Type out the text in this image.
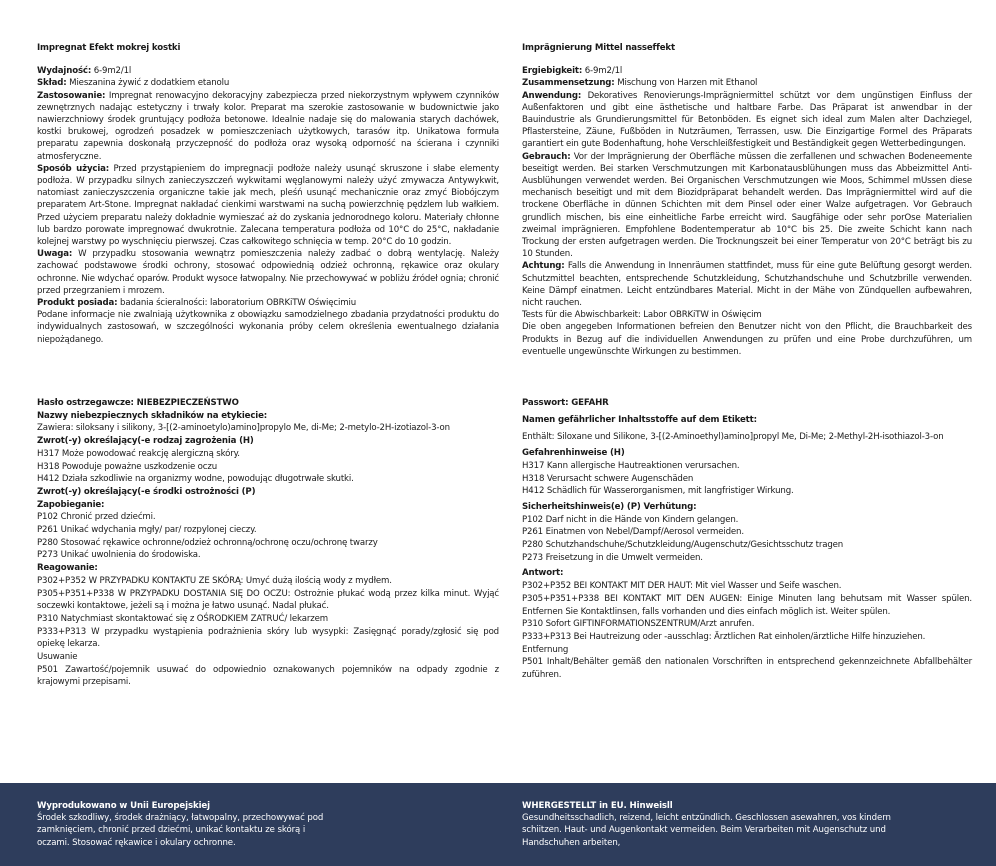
Impregnat Efekt mokrej kostki

Wydajność: 6-9m2/1l

Skład: Mieszanina żywić z dodatkiem etanolu

Zastosowanie: Impregnat renowacyjno dekoracyjny zabezpiecza przed niekorzystnym wpływem czynników zewnętrznych nadając estetyczny i trwały kolor. Preparat ma szerokie zastosowanie w budownictwie jako nawierzchniowy środek gruntujący podłoża betonowe. Idealnie nadaje się do malowania starych dachówek, kostki brukowej, ogrodzeń posadzek w pomieszczeniach użytkowych, tarasów itp. Unikatowa formuła preparatu zapewnia doskonałą przyczepność do podłoża oraz wysoką odporność na ścierana i czynniki atmosferyczne.

Sposób użycia: Przed przystąpieniem do impregnacji podłoże należy usunąć skruszone i słabe elementy podłoża. W przypadku silnych zanieczyszczeń wykwitami węglanowymi należy użyć zmywacza Antywykwit, natomiast zanieczyszczenia organiczne takie jak mech, pleśń usunąć mechanicznie oraz zmyć Biobójczym preparatem Art-Stone. Impregnat nakładać cienkimi warstwami na suchą powierzchnię pędzlem lub wałkiem. Przed użyciem preparatu należy dokładnie wymieszać aż do zyskania jednorodnego koloru. Materiały chłonne lub bardzo porowate impregnować dwukrotnie. Zalecana temperatura podłoża od 10°C do 25°C, nakładanie kolejnej warstwy po wyschnięciu pierwszej. Czas całkowitego schnięcia w temp. 20°C do 10 godzin.

Uwaga: W przypadku stosowania wewnątrz pomieszczenia należy zadbać o dobrą wentylację. Należy zachować podstawowe środki ochrony, stosować odpowiednią odzież ochronną, rękawice oraz okulary ochronne. Nie wdychać oparów. Produkt wysoce łatwopalny. Nie przechowywać w pobliżu źródeł ognia; chronić przed przegrzaniem i mrozem.

Produkt posiada: badania ścieralności: laboratorium OBRKiTW Oświęcimiu

Podane informacje nie zwalniają użytkownika z obowiązku samodzielnego zbadania przydatności produktu do indywidualnych zastosowań, w szczególności wykonania próby celem określenia ewentualnego działania niepożądanego.

Imprägnierung Mittel nasseffekt

Ergiebigkeit: 6-9m2/1l

Zusammensetzung: Mischung von Harzen mit Ethanol

Anwendung: Dekoratives Renovierungs-Imprägniermittel schützt vor dem ungünstigen Einfluss der Außenfaktoren und gibt eine ästhetische und haltbare Farbe. Das Präparat ist anwendbar in der Bauindustrie als Grundierungsmittel für Betonböden. Es eignet sich ideal zum Malen alter Dachziegel, Pflastersteine, Zäune, Fußböden in Nutzräumen, Terrassen, usw. Die Einzigartige Formel des Präparats garantiert ein gute Bodenhaftung, hohe Verschleißfestigkeit und Beständigkeit gegen Wetterbedingungen.

Gebrauch: Vor der Imprägnierung der Oberfläche müssen die zerfallenen und schwachen Bodeneemente beseitigt werden. Bei starken Verschmutzungen mit Karbonatausblühungen muss das Abbeizmittel Anti-Ausblühungen verwendet werden. Bei Organischen Verschmutzungen wie Moos, Schimmel mUssen diese mechanisch beseitigt und mit dem Biozidpräparat behandelt werden. Das Imprägniermittel wird auf die trockene Oberfläche in dünnen Schichten mit dem Pinsel oder einer Walze aufgetragen. Vor Gebrauch grundlich mischen, bis eine einheitliche Farbe erreicht wird. Saugfähige oder sehr porOse Materialien zweimal imprägnieren. Empfohlene Bodentemperatur ab 10°C bis 25. Die zweite Schicht kann nach Trockung der ersten aufgetragen werden. Die Trocknungszeit bei einer Temperatur von 20°C beträgt bis zu 10 Stunden.

Achtung: Falls die Anwendung in Innenräumen stattfindet, muss für eine gute Belüftung gesorgt werden. Schutzmittel beachten, entsprechende Schutzkleidung, Schutzhandschuhe und Schutzbrille verwenden. Keine Dämpf einatmen. Leicht entzündbares Material. Micht in der Mähe von Zündquellen aufbewahren, nicht rauchen.

Tests für die Abwischbarkeit: Labor OBRKiTW in Oświęcim

Die oben angegeben Informationen befreien den Benutzer nicht von den Pflicht, die Brauchbarkeit des Produkts in Bezug auf die individuellen Anwendungen zu prüfen und eine Probe durchzuführen, um eventuelle ungewünschte Wirkungen zu bestimmen.

Hasło ostrzegawcze: NIEBEZPIECZEŃSTWO

Nazwy niebezpiecznych składników na etykiecie:

Zawiera: siloksany i silikony, 3-[(2-aminoetylo)amino]propylo Me, di-Me; 2-metylo-2H-izotiazol-3-on

Zwrot(-y) określający(-e rodzaj zagrożenia (H)

H317 Może powodować reakcję alergiczną skóry.

H318 Powoduje poważne uszkodzenie oczu

H412 Działa szkodliwie na organizmy wodne, powodując długotrwałe skutki.

Zwrot(-y) określający(-e środki ostrożności (P)

Zapobieganie:

P102 Chronić przed dziećmi.

P261 Unikać wdychania mgły/ par/ rozpylonej cieczy.

P280 Stosować rękawice ochronne/odzież ochronną/ochronę oczu/ochronę twarzy

P273 Unikać uwolnienia do środowiska.

Reagowanie:

P302+P352 W PRZYPADKU KONTAKTU ZE SKÓRĄ: Umyć dużą ilością wody z mydłem.

P305+P351+P338 W PRZYPADKU DOSTANIA SIĘ DO OCZU: Ostrożnie płukać wodą przez kilka minut. Wyjąć soczewki kontaktowe, jeżeli są i można je łatwo usunąć. Nadal płukać.

P310 Natychmiast skontaktować się z OŚRODKIEM ZATRUĆ/ lekarzem

P333+P313 W przypadku wystąpienia podrażnienia skóry lub wysypki: Zasięgnąć porady/zgłosić się pod opiekę lekarza.

Usuwanie

P501 Zawartość/pojemnik usuwać do odpowiednio oznakowanych pojemników na odpady zgodnie z krajowymi przepisami.

Passwort: GEFAHR

Namen gefährlicher Inhaltsstoffe auf dem Etikett:

Enthält: Siloxane und Silikone, 3-[(2-Aminoethyl)amino]propyl Me, Di-Me; 2-Methyl-2H-isothiazol-3-on

Gefahrenhinweise (H)

H317 Kann allergische Hautreaktionen verursachen.

H318 Verursacht schwere Augenschäden

H412 Schädlich für Wasserorganismen, mit langfristiger Wirkung.

Sicherheitshinweis(e) (P) Verhütung:

P102 Darf nicht in die Hände von Kindern gelangen.

P261 Einatmen von Nebel/Dampf/Aerosol vermeiden.

P280 Schutzhandschuhe/Schutzkleidung/Augenschutz/Gesichtsschutz tragen

P273 Freisetzung in die Umwelt vermeiden.

Antwort:

P302+P352 BEI KONTAKT MIT DER HAUT: Mit viel Wasser und Seife waschen.

P305+P351+P338 BEI KONTAKT MIT DEN AUGEN: Einige Minuten lang behutsam mit Wasser spülen. Entfernen Sie Kontaktlinsen, falls vorhanden und dies einfach möglich ist. Weiter spülen.

P310 Sofort GIFTINFORMATIONSZENTRUM/Arzt anrufen.

P333+P313 Bei Hautreizung oder -ausschlag: Ärztlichen Rat einholen/ärztliche Hilfe hinzuziehen.

Entfernung

P501 Inhalt/Behälter gemäß den nationalen Vorschriften in entsprechend gekennzeichnete Abfallbehälter zuführen.

Wyprodukowano w Unii Europejskiej
Środek szkodliwy, środek drażniący, łatwopalny, przechowywać pod zamknięciem, chronić przed dziećmi, unikać kontaktu ze skórą i oczami. Stosować rękawice i okulary ochronne.
WHERGESTELLT in EU. Hinweisll
Gesundheitsschadlich, reizend, leicht entzündlich. Geschlossen asewahren, vos kindern schiitzen. Haut- und Augenkontakt vermeiden. Beim Verarbeiten mit Augenschutz und Handschuhen arbeiten,
